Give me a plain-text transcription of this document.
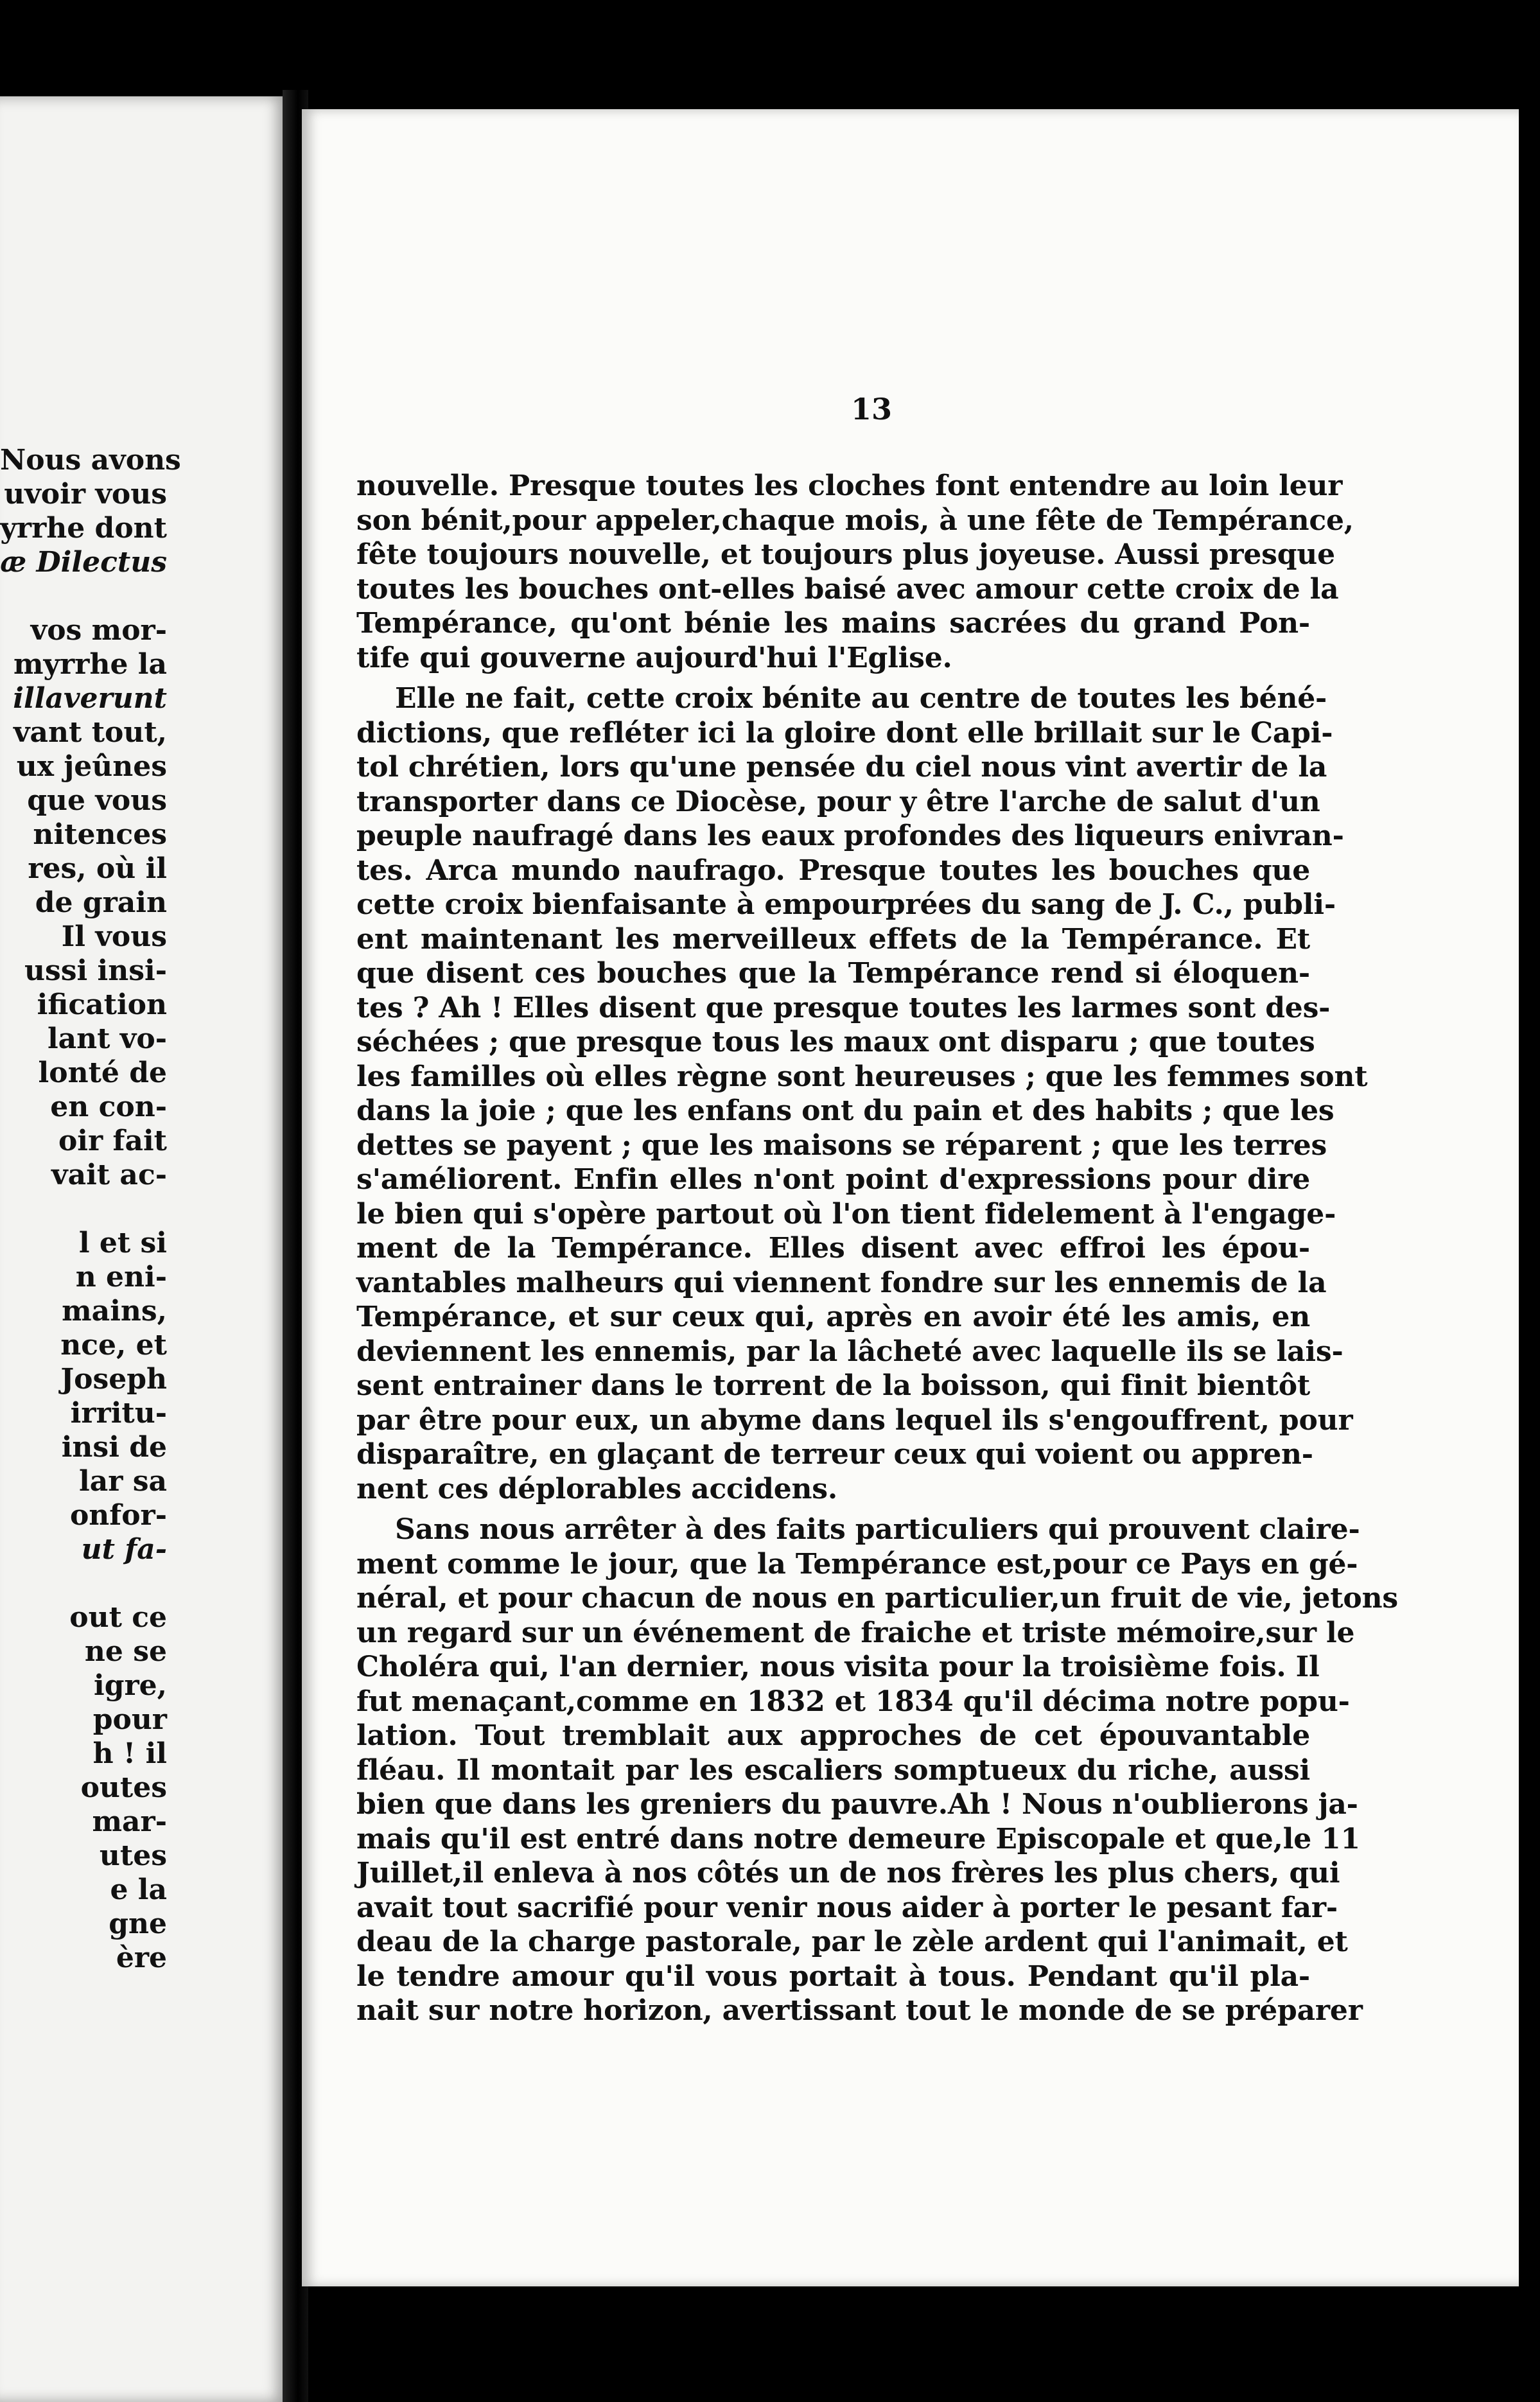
Nous avons
uvoir vous
yrrhe dont
æ Dilectus
vos mor-
myrrhe la
illaverunt
vant tout,
ux jeûnes
que vous
nitences
res, où il
de grain
Il vous
ussi insi-
ification
lant vo-
lonté de
en con-
oir fait
vait ac-
l et si
n eni-
mains,
nce, et
Joseph
irritu-
insi de
lar sa
onfor-
ut fa-
out ce
ne se
igre,
pour
h ! il
outes
mar-
utes
e la
gne
ère
13
nouvelle. Presque toutes les cloches font entendre au loin leur
son bénit,pour appeler,chaque mois, à une fête de Tempérance,
fête toujours nouvelle, et toujours plus joyeuse. Aussi presque
toutes les bouches ont-elles baisé avec amour cette croix de la
Tempérance, qu'ont bénie les mains sacrées du grand Pon-
tife qui gouverne aujourd'hui l'Eglise.
Elle ne fait, cette croix bénite au centre de toutes les béné-
dictions, que refléter ici la gloire dont elle brillait sur le Capi-
tol chrétien, lors qu'une pensée du ciel nous vint avertir de la
transporter dans ce Diocèse, pour y être l'arche de salut d'un
peuple naufragé dans les eaux profondes des liqueurs enivran-
tes. Arca mundo naufrago. Presque toutes les bouches que
cette croix bienfaisante à empourprées du sang de J. C., publi-
ent maintenant les merveilleux effets de la Tempérance. Et
que disent ces bouches que la Tempérance rend si éloquen-
tes ? Ah ! Elles disent que presque toutes les larmes sont des-
séchées ; que presque tous les maux ont disparu ; que toutes
les familles où elles règne sont heureuses ; que les femmes sont
dans la joie ; que les enfans ont du pain et des habits ; que les
dettes se payent ; que les maisons se réparent ; que les terres
s'améliorent. Enfin elles n'ont point d'expressions pour dire
le bien qui s'opère partout où l'on tient fidelement à l'engage-
ment de la Tempérance. Elles disent avec effroi les épou-
vantables malheurs qui viennent fondre sur les ennemis de la
Tempérance, et sur ceux qui, après en avoir été les amis, en
deviennent les ennemis, par la lâcheté avec laquelle ils se lais-
sent entrainer dans le torrent de la boisson, qui finit bientôt
par être pour eux, un abyme dans lequel ils s'engouffrent, pour
disparaître, en glaçant de terreur ceux qui voient ou appren-
nent ces déplorables accidens.
Sans nous arrêter à des faits particuliers qui prouvent claire-
ment comme le jour, que la Tempérance est,pour ce Pays en gé-
néral, et pour chacun de nous en particulier,un fruit de vie, jetons
un regard sur un événement de fraiche et triste mémoire,sur le
Choléra qui, l'an dernier, nous visita pour la troisième fois. Il
fut menaçant,comme en 1832 et 1834 qu'il décima notre popu-
lation. Tout tremblait aux approches de cet épouvantable
fléau. Il montait par les escaliers somptueux du riche, aussi
bien que dans les greniers du pauvre.Ah ! Nous n'oublierons ja-
mais qu'il est entré dans notre demeure Episcopale et que,le 11
Juillet,il enleva à nos côtés un de nos frères les plus chers, qui
avait tout sacrifié pour venir nous aider à porter le pesant far-
deau de la charge pastorale, par le zèle ardent qui l'animait, et
le tendre amour qu'il vous portait à tous. Pendant qu'il pla-
nait sur notre horizon, avertissant tout le monde de se préparer
